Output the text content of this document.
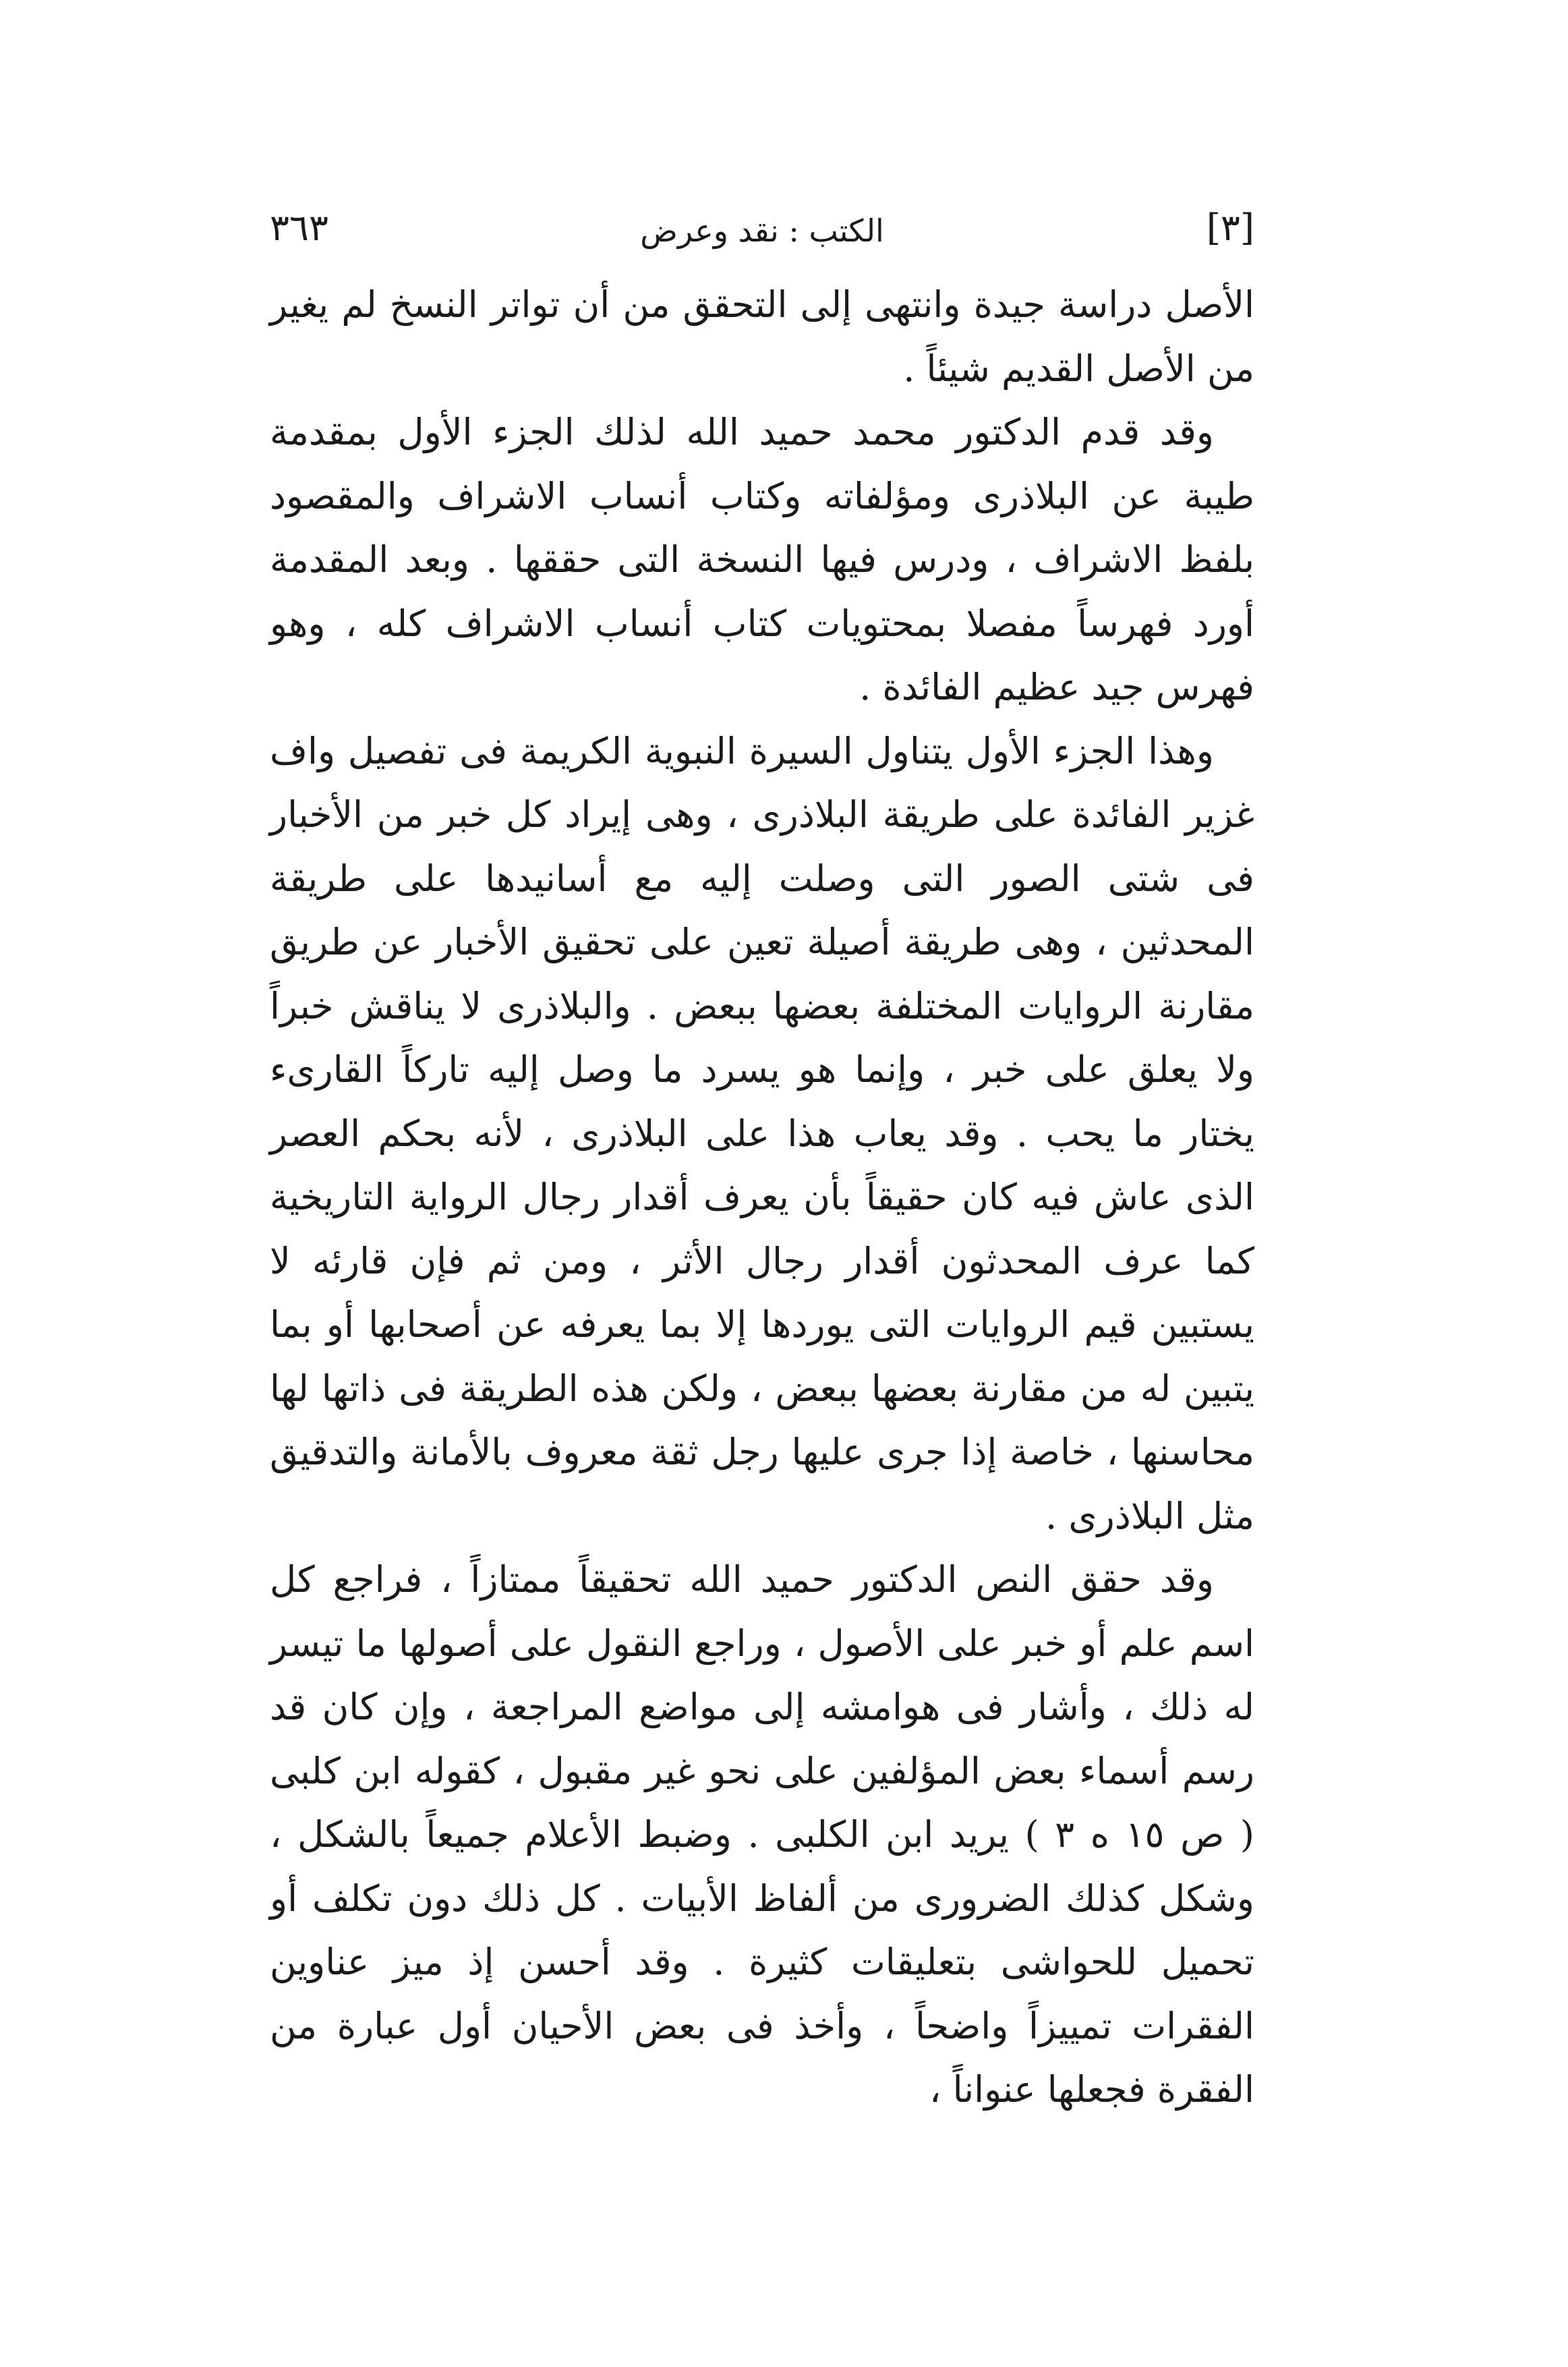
[٣]
الكتب : نقد وعرض
٣٦٣

الأصل دراسة جيدة وانتهى إلى التحقق من أن تواتر النسخ لم يغير من الأصل القديم شيئاً .

وقد قدم الدكتور محمد حميد الله لذلك الجزء الأول بمقدمة طيبة عن البلاذرى ومؤلفاته وكتاب أنساب الاشراف والمقصود بلفظ الاشراف ، ودرس فيها النسخة التى حققها . وبعد المقدمة أورد فهرساً مفصلا بمحتويات كتاب أنساب الاشراف كله ، وهو فهرس جيد عظيم الفائدة .

وهذا الجزء الأول يتناول السيرة النبوية الكريمة فى تفصيل واف غزير الفائدة على طريقة البلاذرى ، وهى إيراد كل خبر من الأخبار فى شتى الصور التى وصلت إليه مع أسانيدها على طريقة المحدثين ، وهى طريقة أصيلة تعين على تحقيق الأخبار عن طريق مقارنة الروايات المختلفة بعضها ببعض . والبلاذرى لا يناقش خبراً ولا يعلق على خبر ، وإنما هو يسرد ما وصل إليه تاركاً القارىء يختار ما يحب . وقد يعاب هذا على البلاذرى ، لأنه بحكم العصر الذى عاش فيه كان حقيقاً بأن يعرف أقدار رجال الرواية التاريخية كما عرف المحدثون أقدار رجال الأثر ، ومن ثم فإن قارئه لا يستبين قيم الروايات التى يوردها إلا بما يعرفه عن أصحابها أو بما يتبين له من مقارنة بعضها ببعض ، ولكن هذه الطريقة فى ذاتها لها محاسنها ، خاصة إذا جرى عليها رجل ثقة معروف بالأمانة والتدقيق مثل البلاذرى .

وقد حقق النص الدكتور حميد الله تحقيقاً ممتازاً ، فراجع كل اسم علم أو خبر على الأصول ، وراجع النقول على أصولها ما تيسر له ذلك ، وأشار فى هوامشه إلى مواضع المراجعة ، وإن كان قد رسم أسماء بعض المؤلفين على نحو غير مقبول ، كقوله ابن كلبى ( ص ١٥ ه ٣ ) يريد ابن الكلبى . وضبط الأعلام جميعاً بالشكل ، وشكل كذلك الضرورى من ألفاظ الأبيات . كل ذلك دون تكلف أو تحميل للحواشى بتعليقات كثيرة . وقد أحسن إذ ميز عناوين الفقرات تمييزاً واضحاً ، وأخذ فى بعض الأحيان أول عبارة من الفقرة فجعلها عنواناً ،
